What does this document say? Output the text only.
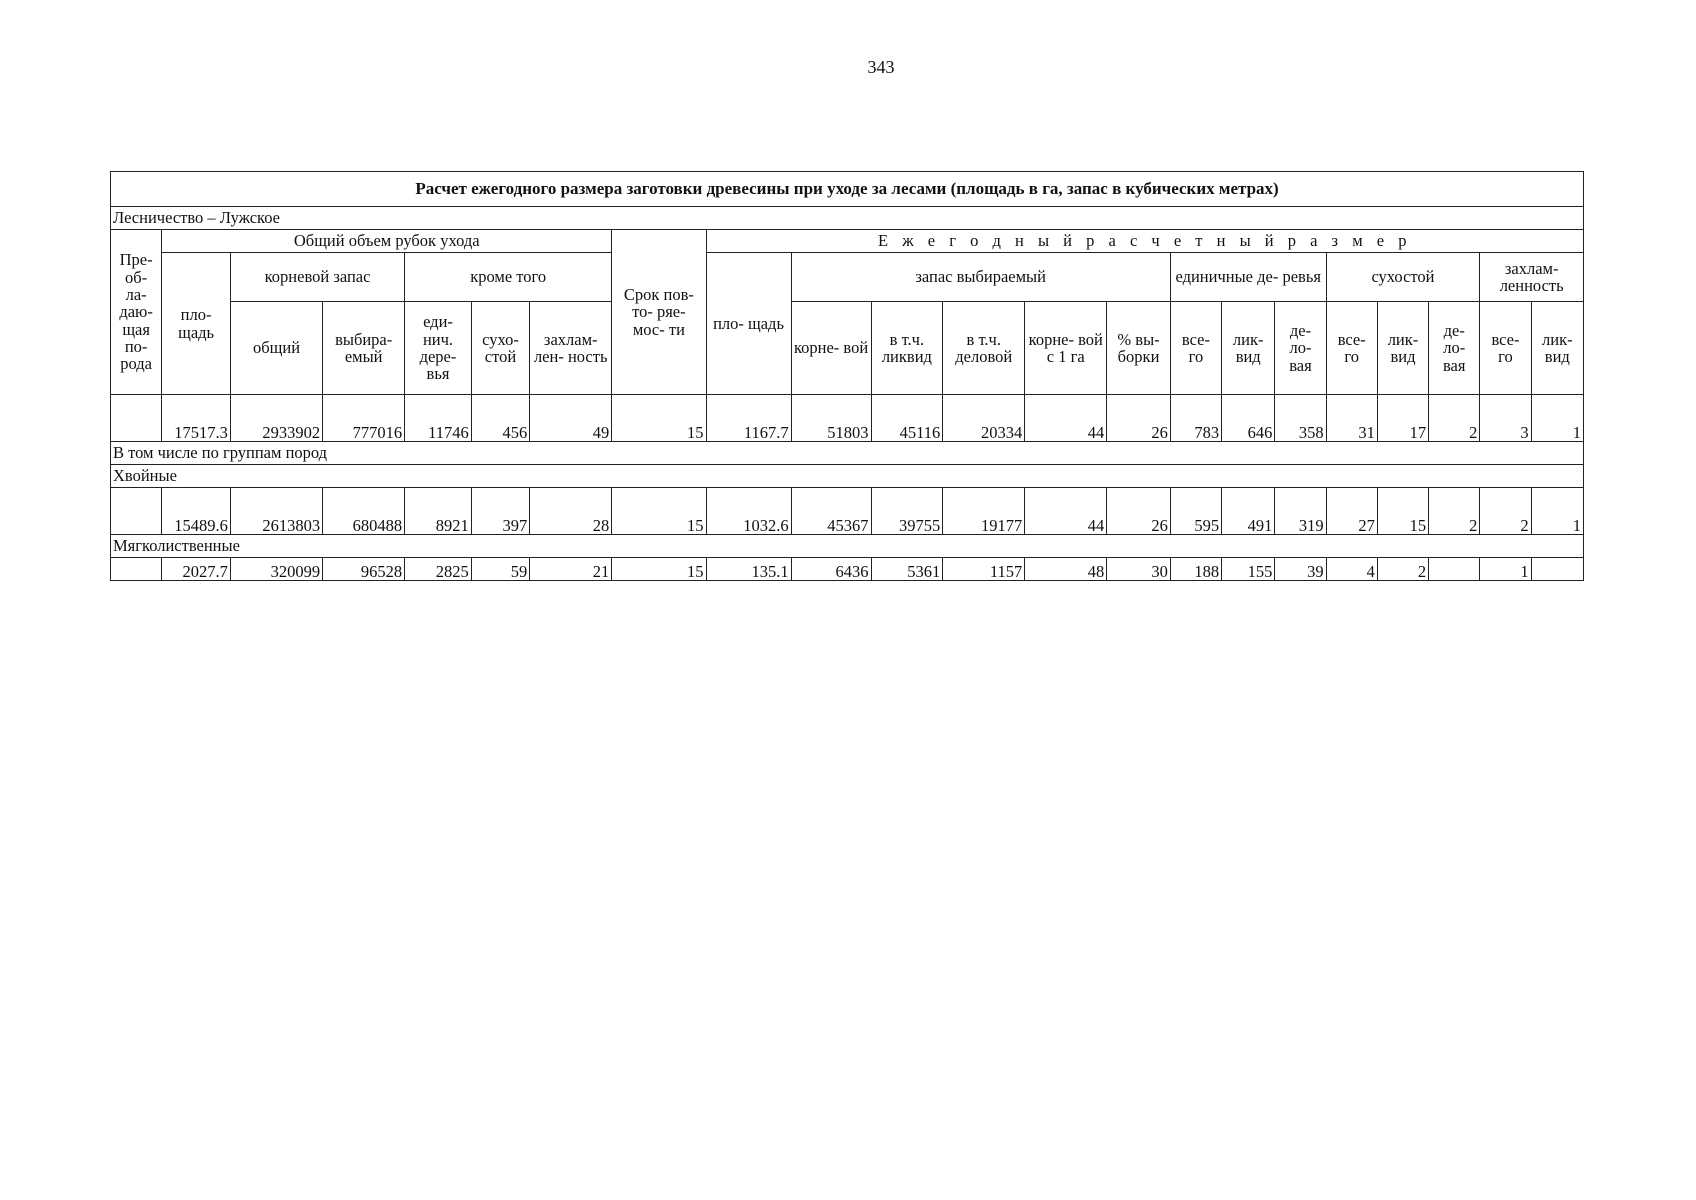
343
Расчет ежегодного размера заготовки древесины при уходе за лесами (площадь в га, запас в кубических метрах)																					
Лесничество – Лужское																					
Пре- об- ла- даю- щая по- рода	Общий объем рубок ухода						Срок пов- то- ряе- мос- ти	Е ж е г о д н ы й р а с ч е т н ы й р а з м е р													
	пло- щадь	корневой запас		кроме того				пло- щадь	запас выбираемый					единичные де- ревья			сухостой			захлам- ленность	
		общий	выбира- емый	еди- нич. дере- вья	сухо- стой	захлам- лен- ность			корне- вой	в т.ч. ликвид	в т.ч. деловой	корне- вой с 1 га	% вы- борки	все- го	лик- вид	де- ло- вая	все- го	лик- вид	де- ло- вая	все- го	лик- вид
	17517.3	2933902	777016	11746	456	49	15	1167.7	51803	45116	20334	44	26	783	646	358	31	17	2	3	1
В том числе по группам пород																					
Хвойные																					
	15489.6	2613803	680488	8921	397	28	15	1032.6	45367	39755	19177	44	26	595	491	319	27	15	2	2	1
Мягколиственные																					
	2027.7	320099	96528	2825	59	21	15	135.1	6436	5361	1157	48	30	188	155	39	4	2		1	
